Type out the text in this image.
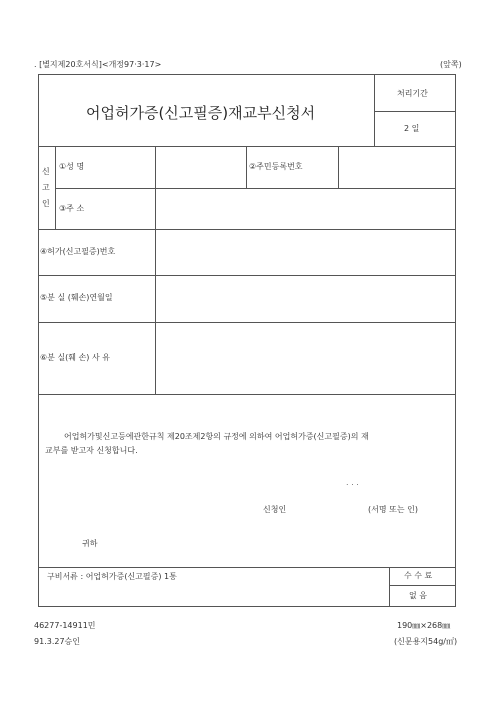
. [별지제20호서식]<개정97·3·17>	(앞쪽)
어업허가증(신고필증)재교부신청서
처리기간
2 일
신
고
인
①성 명	②주민등록번호
③주 소
④허가(신고필증)번호
⑤분 실 (훼손)연월일
⑥분 실(훼 손) 사 유
어업허가및신고등에관한규칙 제20조제2항의 규정에 의하여 어업허가증(신고필증)의 재
교부를 받고자 신청합니다.
. . .
신청인	(서명 또는 인)
귀하
구비서류 : 어업허가증(신고필증) 1통	수 수 료
없 음
46277-14911민
91.3.27승인
190㎜×268㎜
(신문용지54g/㎡)
